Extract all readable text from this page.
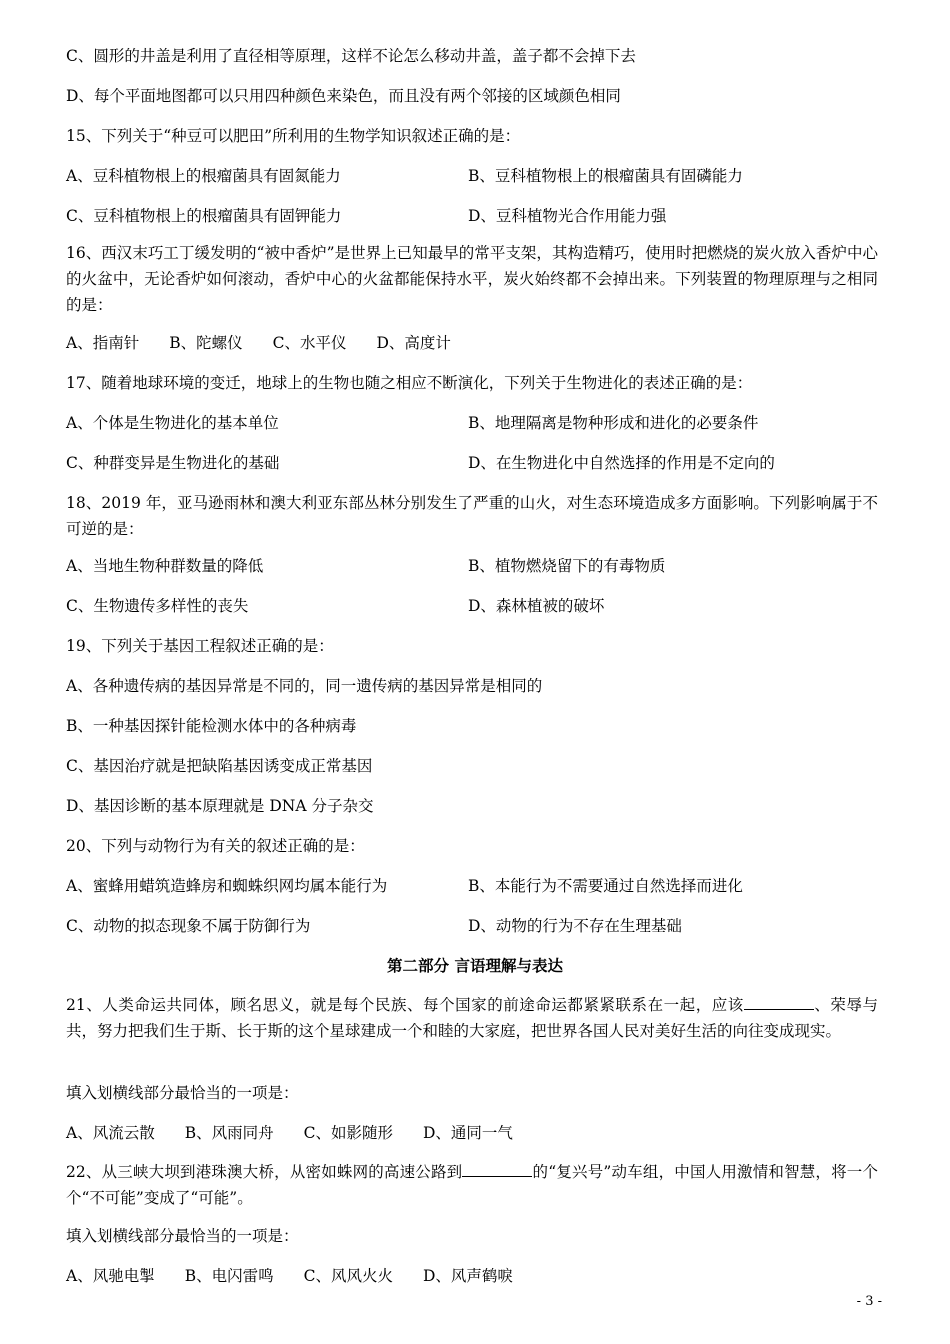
C、圆形的井盖是利用了直径相等原理，这样不论怎么移动井盖，盖子都不会掉下去
D、每个平面地图都可以只用四种颜色来染色，而且没有两个邻接的区域颜色相同
15、下列关于“种豆可以肥田”所利用的生物学知识叙述正确的是：
A、豆科植物根上的根瘤菌具有固氮能力	B、豆科植物根上的根瘤菌具有固磷能力
C、豆科植物根上的根瘤菌具有固钾能力	D、豆科植物光合作用能力强
16、西汉末巧工丁缓发明的“被中香炉”是世界上已知最早的常平支架，其构造精巧，使用时把燃烧的炭火放入香炉中心的火盆中，无论香炉如何滚动，香炉中心的火盆都能保持水平，炭火始终都不会掉出来。下列装置的物理原理与之相同的是：
A、指南针 B、陀螺仪 C、水平仪 D、高度计
17、随着地球环境的变迁，地球上的生物也随之相应不断演化，下列关于生物进化的表述正确的是：
A、个体是生物进化的基本单位	B、地理隔离是物种形成和进化的必要条件
C、种群变异是生物进化的基础	D、在生物进化中自然选择的作用是不定向的
18、2019 年，亚马逊雨林和澳大利亚东部丛林分别发生了严重的山火，对生态环境造成多方面影响。下列影响属于不可逆的是：
A、当地生物种群数量的降低	B、植物燃烧留下的有毒物质
C、生物遗传多样性的丧失	D、森林植被的破坏
19、下列关于基因工程叙述正确的是：
A、各种遗传病的基因异常是不同的，同一遗传病的基因异常是相同的
B、一种基因探针能检测水体中的各种病毒
C、基因治疗就是把缺陷基因诱变成正常基因
D、基因诊断的基本原理就是 DNA 分子杂交
20、下列与动物行为有关的叙述正确的是：
A、蜜蜂用蜡筑造蜂房和蜘蛛织网均属本能行为	B、本能行为不需要通过自然选择而进化
C、动物的拟态现象不属于防御行为	D、动物的行为不存在生理基础
第二部分 言语理解与表达
21、人类命运共同体，顾名思义，就是每个民族、每个国家的前途命运都紧紧联系在一起，应该	、荣辱与共，努力把我们生于斯、长于斯的这个星球建成一个和睦的大家庭，把世界各国人民对美好生活的向往变成现实。
填入划横线部分最恰当的一项是：
A、风流云散 B、风雨同舟 C、如影随形 D、通同一气
22、从三峡大坝到港珠澳大桥，从密如蛛网的高速公路到	的“复兴号”动车组，中国人用激情和智慧，将一个个“不可能”变成了“可能”。
填入划横线部分最恰当的一项是：
A、风驰电掣 B、电闪雷鸣 C、风风火火 D、风声鹤唳
- 3 -
